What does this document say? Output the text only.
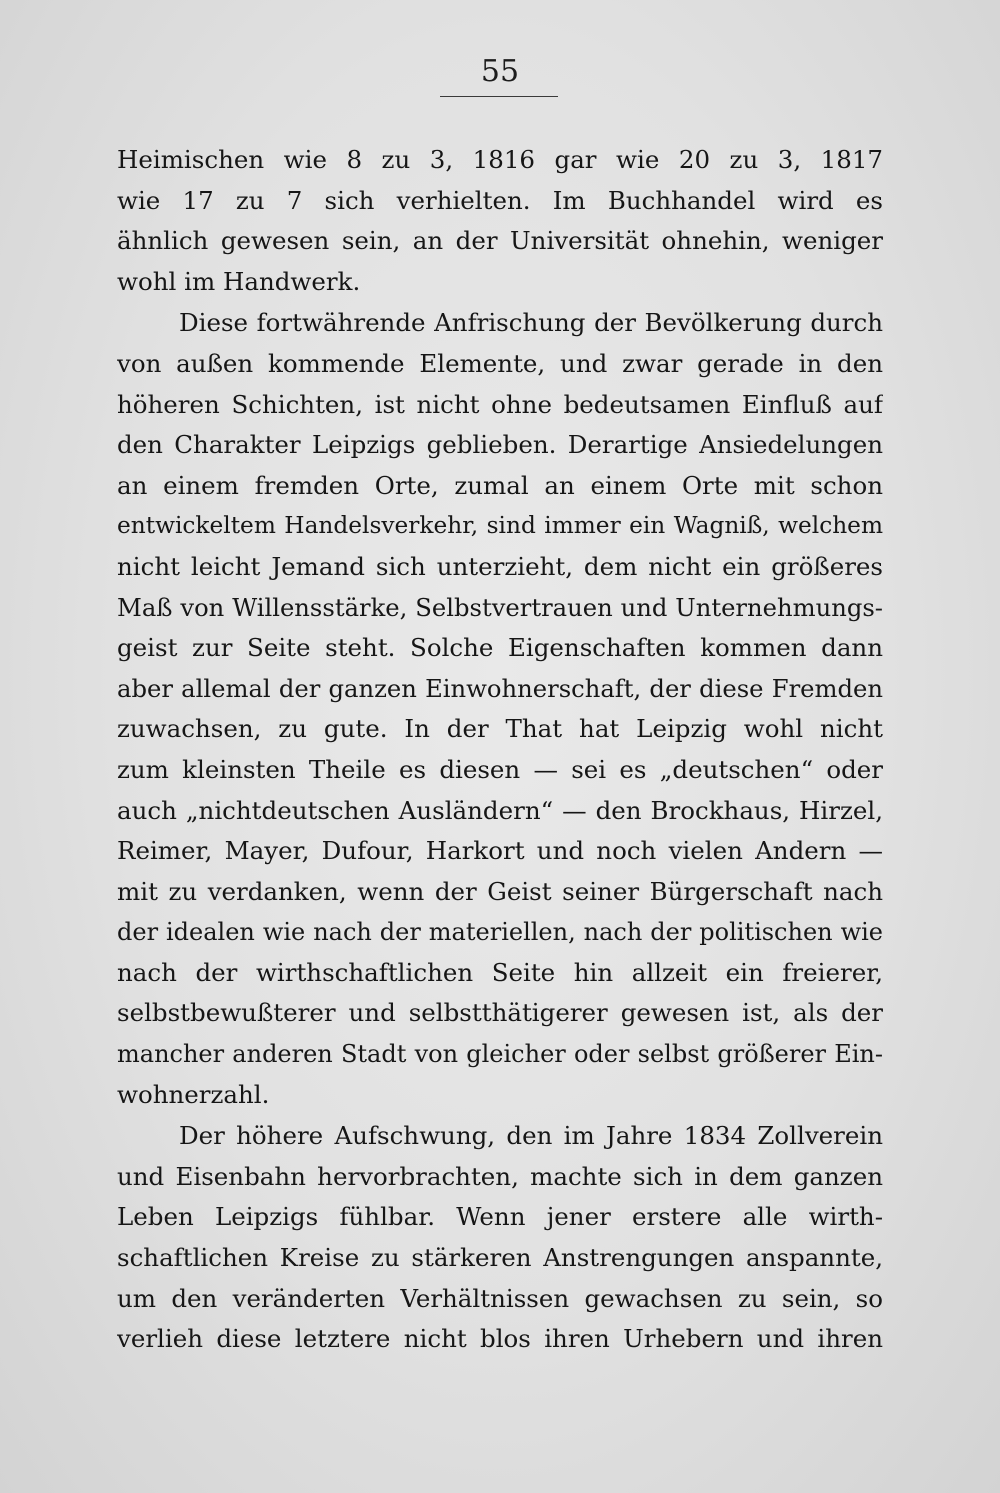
55
Heimischen wie 8 zu 3, 1816 gar wie 20 zu 3, 1817
wie 17 zu 7 sich verhielten. Im Buchhandel wird es
ähnlich gewesen sein, an der Universität ohnehin, weniger
wohl im Handwerk.
Diese fortwährende Anfrischung der Bevölkerung durch
von außen kommende Elemente, und zwar gerade in den
höheren Schichten, ist nicht ohne bedeutsamen Einfluß auf
den Charakter Leipzigs geblieben. Derartige Ansiedelungen
an einem fremden Orte, zumal an einem Orte mit schon
entwickeltem Handelsverkehr, sind immer ein Wagniß, welchem
nicht leicht Jemand sich unterzieht, dem nicht ein größeres
Maß von Willensstärke, Selbstvertrauen und Unternehmungs-
geist zur Seite steht. Solche Eigenschaften kommen dann
aber allemal der ganzen Einwohnerschaft, der diese Fremden
zuwachsen, zu gute. In der That hat Leipzig wohl nicht
zum kleinsten Theile es diesen — sei es „deutschen“ oder
auch „nichtdeutschen Ausländern“ — den Brockhaus, Hirzel,
Reimer, Mayer, Dufour, Harkort und noch vielen Andern —
mit zu verdanken, wenn der Geist seiner Bürgerschaft nach
der idealen wie nach der materiellen, nach der politischen wie
nach der wirthschaftlichen Seite hin allzeit ein freierer,
selbstbewußterer und selbstthätigerer gewesen ist, als der
mancher anderen Stadt von gleicher oder selbst größerer Ein-
wohnerzahl.
Der höhere Aufschwung, den im Jahre 1834 Zollverein
und Eisenbahn hervorbrachten, machte sich in dem ganzen
Leben Leipzigs fühlbar. Wenn jener erstere alle wirth-
schaftlichen Kreise zu stärkeren Anstrengungen anspannte,
um den veränderten Verhältnissen gewachsen zu sein, so
verlieh diese letztere nicht blos ihren Urhebern und ihren
